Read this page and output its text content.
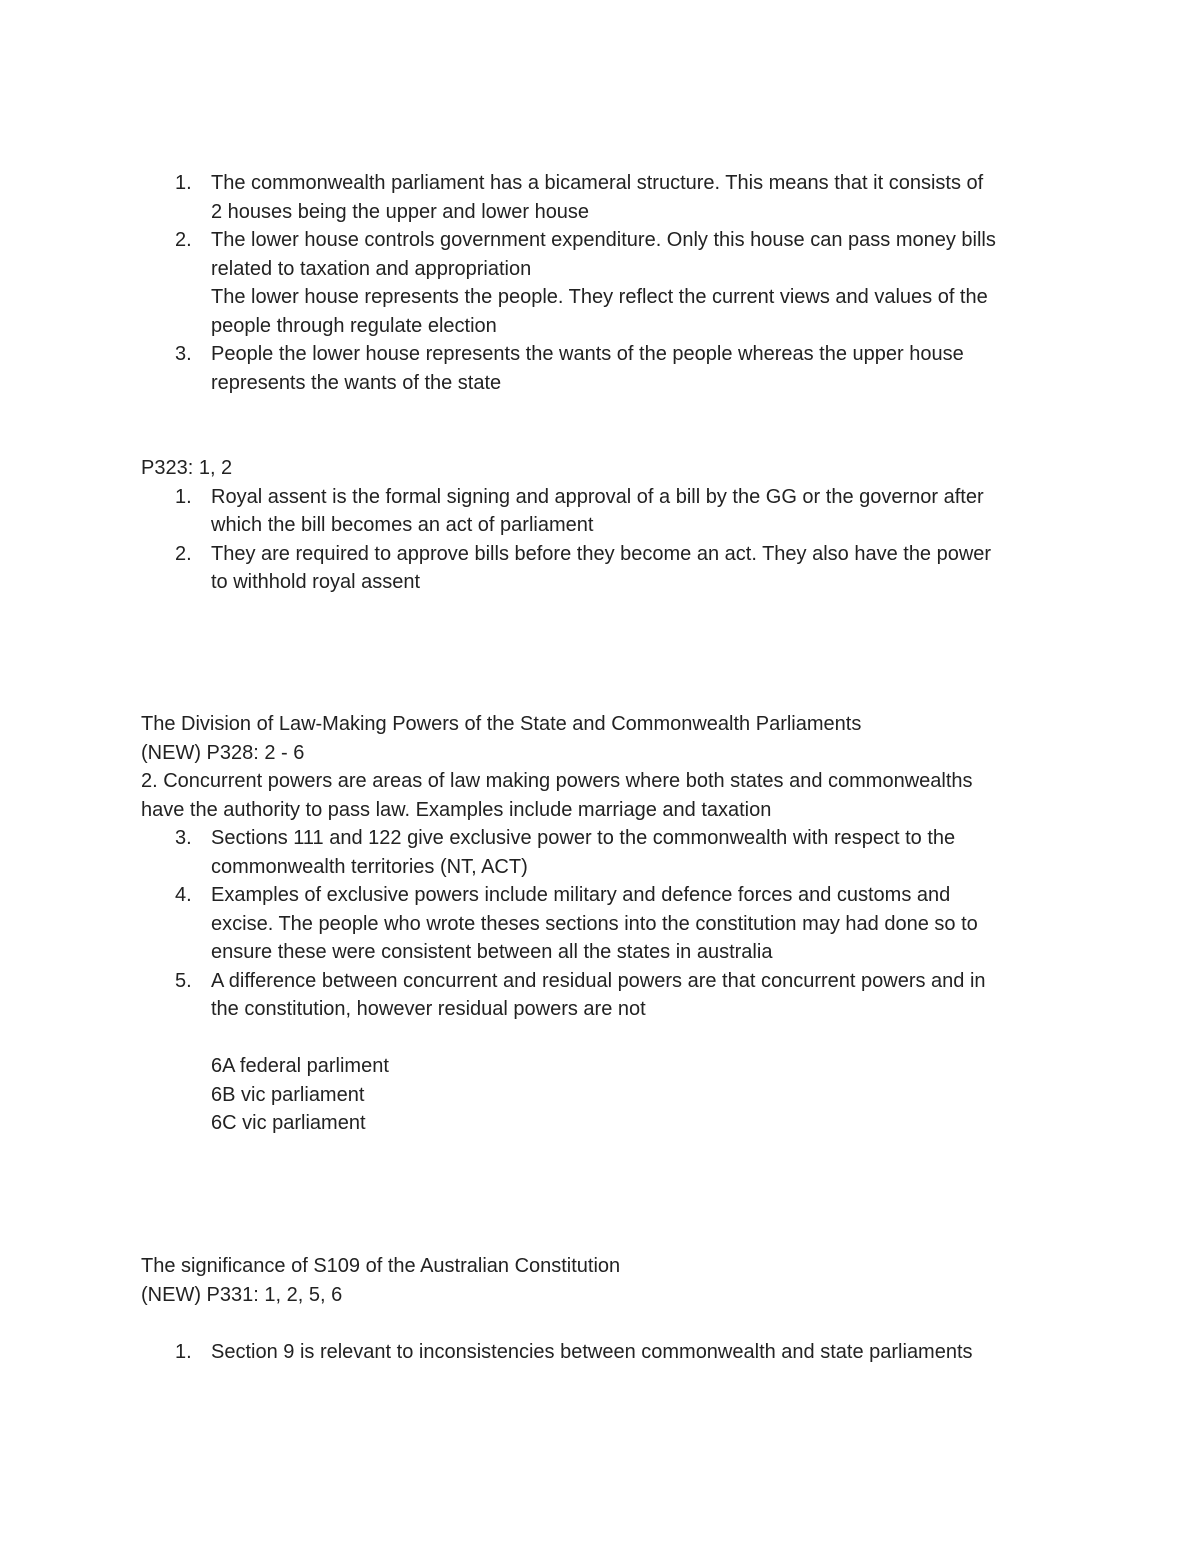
1. The commonwealth parliament has a bicameral structure. This means that it consists of
2 houses being the upper and lower house
2. The lower house controls government expenditure. Only this house can pass money bills
related to taxation and appropriation
The lower house represents the people. They reflect the current views and values of the
people through regulate election
3. People the lower house represents the wants of the people whereas the upper house
represents the wants of the state
P323: 1, 2
1. Royal assent is the formal signing and approval of a bill by the GG or the governor after
which the bill becomes an act of parliament
2. They are required to approve bills before they become an act. They also have the power
to withhold royal assent
The Division of Law-Making Powers of the State and Commonwealth Parliaments
(NEW) P328: 2 - 6
2. Concurrent powers are areas of law making powers where both states and commonwealths
have the authority to pass law. Examples include marriage and taxation
3. Sections 111 and 122 give exclusive power to the commonwealth with respect to the
commonwealth territories (NT, ACT)
4. Examples of exclusive powers include military and defence forces and customs and
excise. The people who wrote theses sections into the constitution may had done so to
ensure these were consistent between all the states in australia
5. A difference between concurrent and residual powers are that concurrent powers and in
the constitution, however residual powers are not
6A federal parliment
6B vic parliament
6C vic parliament
The significance of S109 of the Australian Constitution
(NEW) P331: 1, 2, 5, 6
1. Section 9 is relevant to inconsistencies between commonwealth and state parliaments
